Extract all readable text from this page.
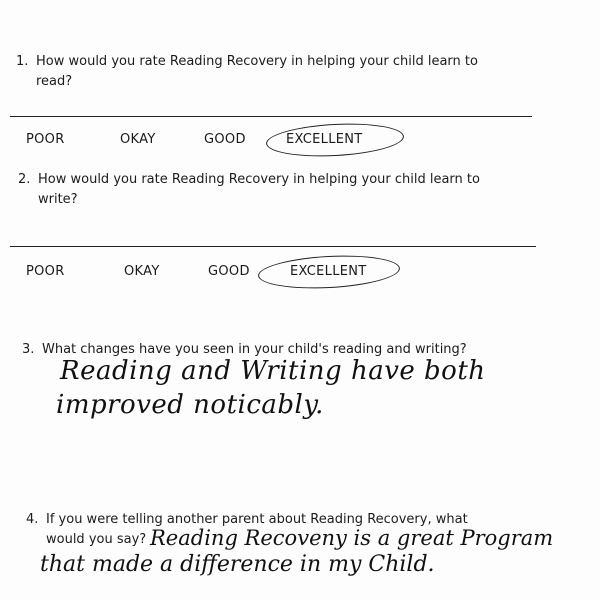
1. How would you rate Reading Recovery in helping your child learn to
read?
POOR	OKAY	GOOD	EXCELLENT
2. How would you rate Reading Recovery in helping your child learn to
write?
POOR	OKAY	GOOD	EXCELLENT
3. What changes have you seen in your child's reading and writing?
Reading and Writing have both
improved noticably.
4. If you were telling another parent about Reading Recovery, what
would you say? Reading Recoveny is a great Program
that made a difference in my Child.
